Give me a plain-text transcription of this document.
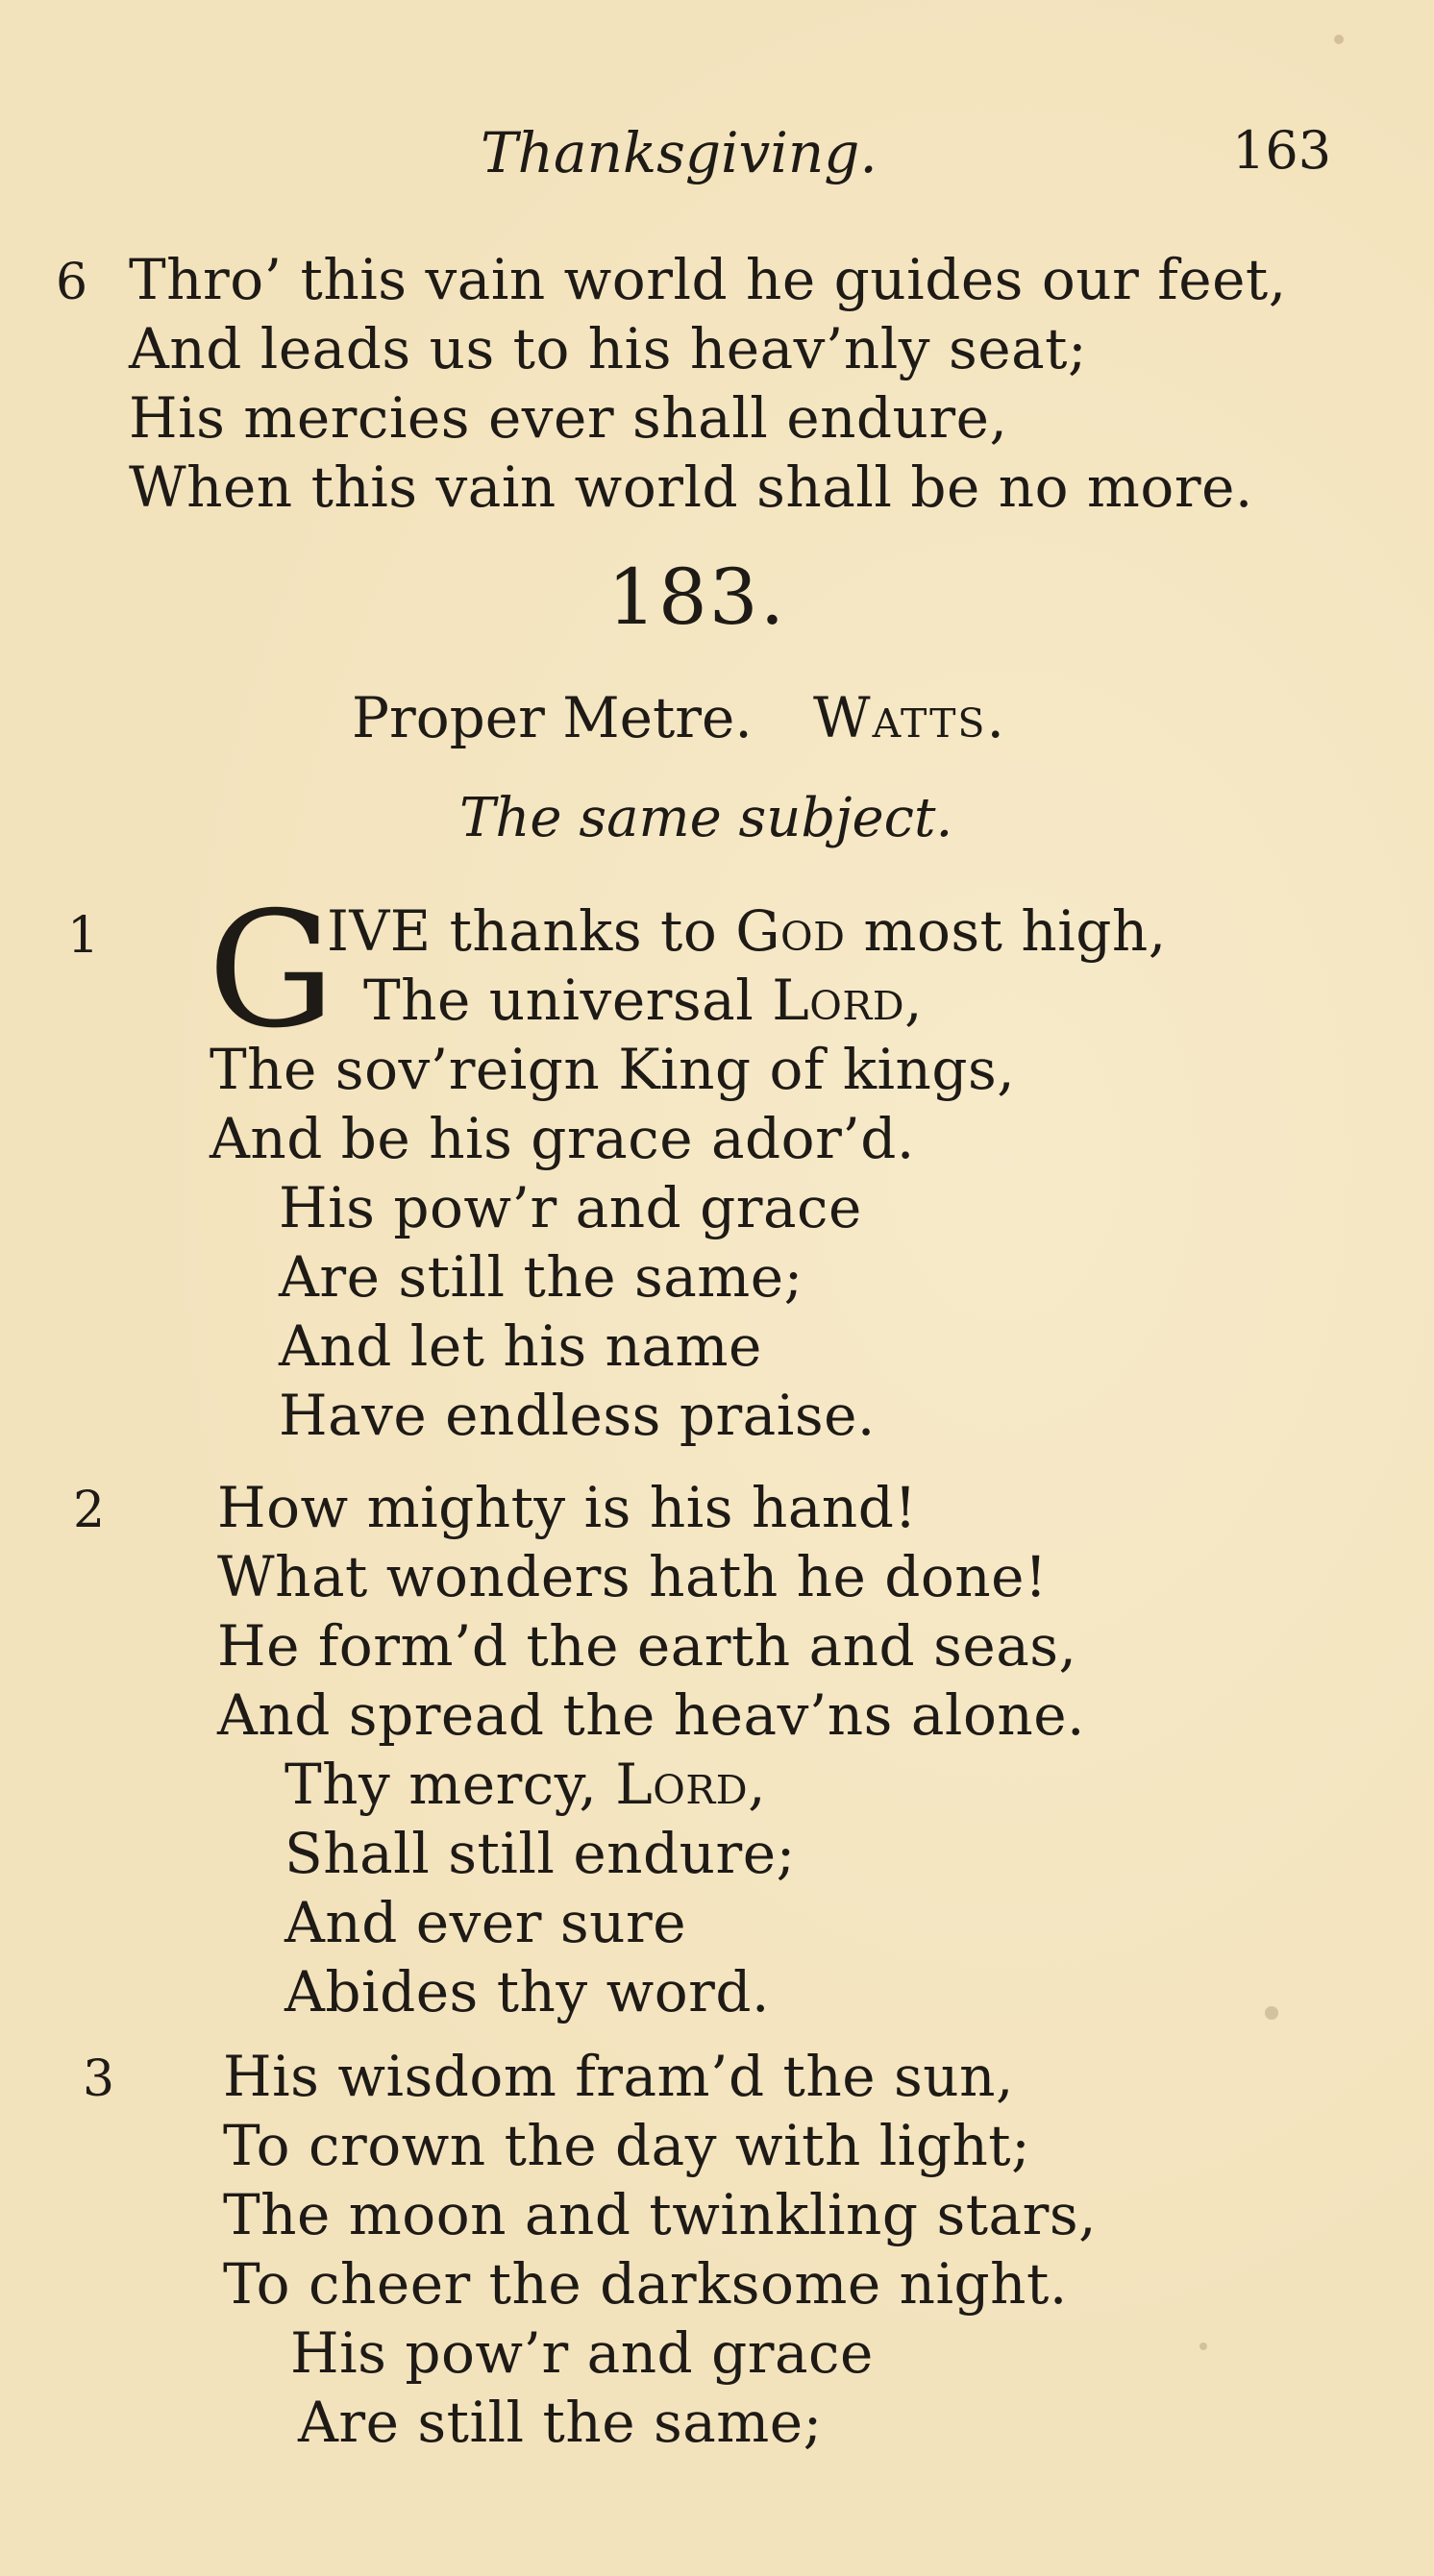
Thanksgiving.	163
6 Thro’ this vain world he guides our feet,
And leads us to his heav’nly seat;
His mercies ever shall endure,
When this vain world shall be no more.
183.
Proper Metre. Watts.
The same subject.
1 G
IVE thanks to God most high,
The universal Lord,
The sov’reign King of kings,
And be his grace ador’d.
His pow’r and grace
Are still the same;
And let his name
Have endless praise.
2 How mighty is his hand!
What wonders hath he done!
He form’d the earth and seas,
And spread the heav’ns alone.
Thy mercy, Lord,
Shall still endure;
And ever sure
Abides thy word.
3 His wisdom fram’d the sun,
To crown the day with light;
The moon and twinkling stars,
To cheer the darksome night.
His pow’r and grace
Are still the same;
